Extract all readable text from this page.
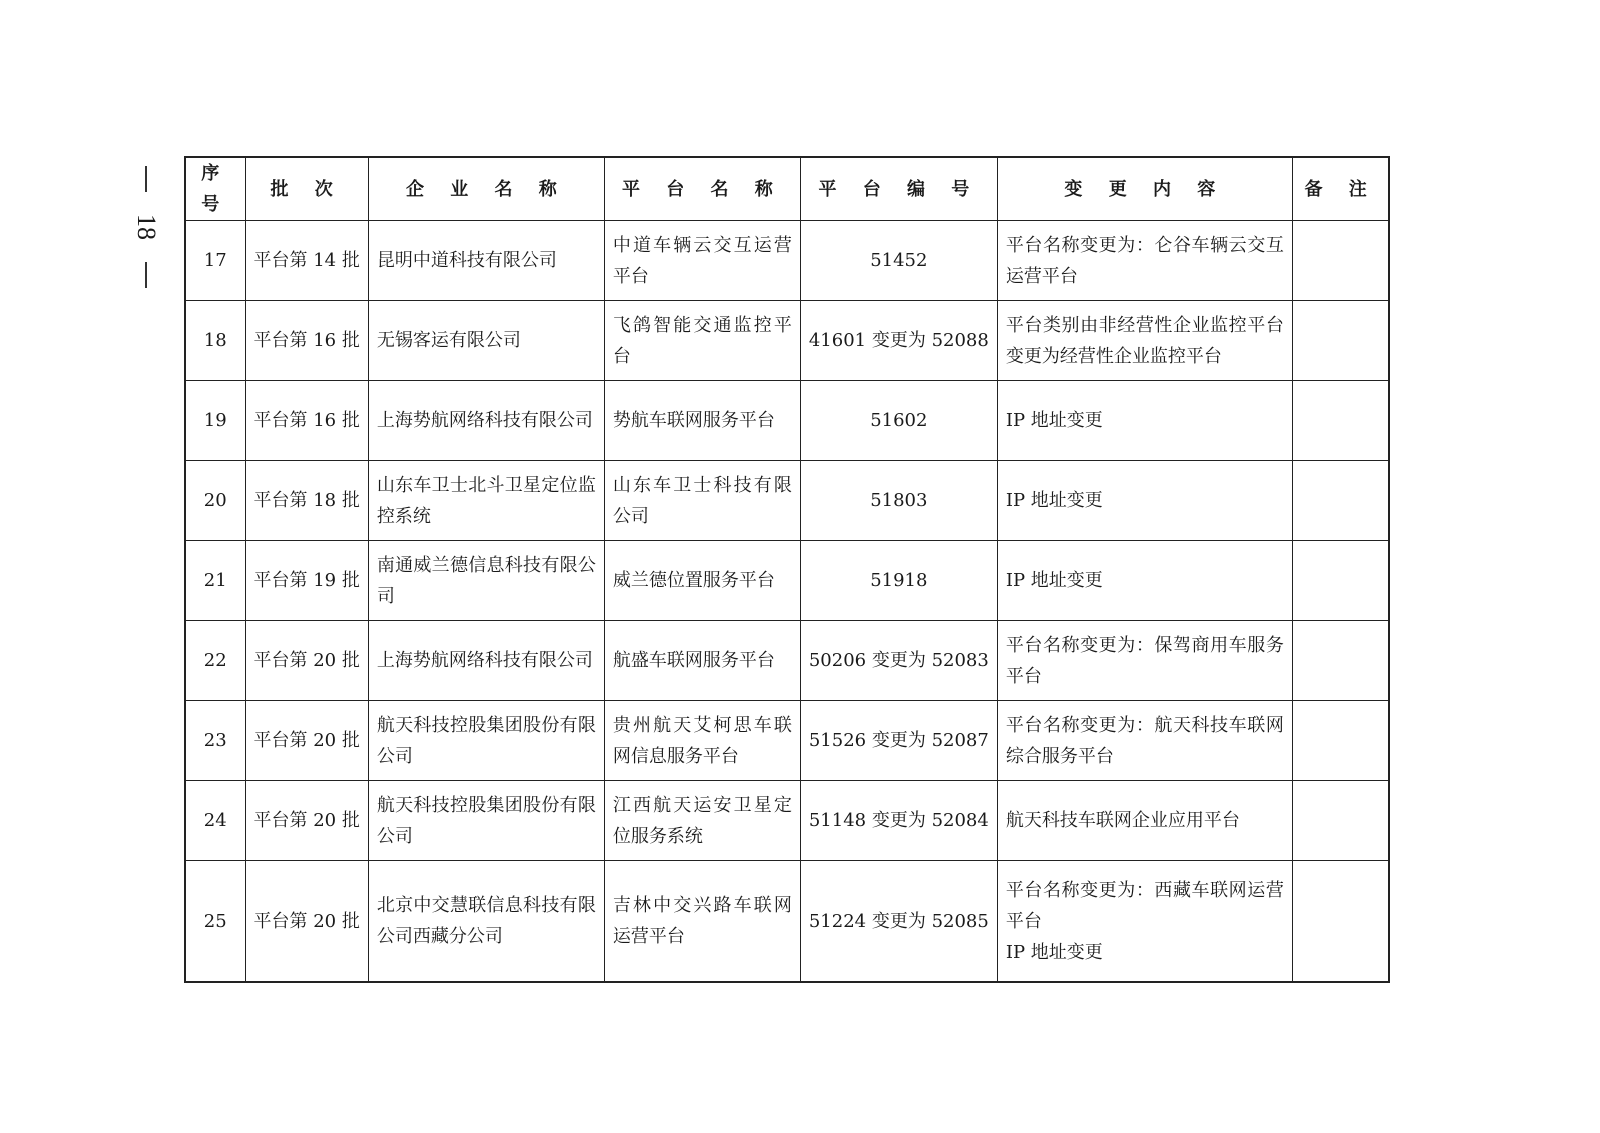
18
序号	批 次	企 业 名 称	平 台 名 称	平 台 编 号	变 更 内 容	备 注
17	平台第 14 批	昆明中道科技有限公司	中道车辆云交互运营平台	51452	平台名称变更为：仑谷车辆云交互运营平台	

18	平台第 16 批	无锡客运有限公司	飞鸽智能交通监控平台	41601 变更为 52088	平台类别由非经营性企业监控平台变更为经营性企业监控平台	

19	平台第 16 批	上海势航网络科技有限公司	势航车联网服务平台	51602	IP 地址变更	

20	平台第 18 批	山东车卫士北斗卫星定位监控系统	山东车卫士科技有限公司	51803	IP 地址变更	

21	平台第 19 批	南通威兰德信息科技有限公司	威兰德位置服务平台	51918	IP 地址变更	

22	平台第 20 批	上海势航网络科技有限公司	航盛车联网服务平台	50206 变更为 52083	平台名称变更为：保驾商用车服务平台	

23	平台第 20 批	航天科技控股集团股份有限公司	贵州航天艾柯思车联网信息服务平台	51526 变更为 52087	平台名称变更为：航天科技车联网综合服务平台	

24	平台第 20 批	航天科技控股集团股份有限公司	江西航天运安卫星定位服务系统	51148 变更为 52084	航天科技车联网企业应用平台	

25	平台第 20 批	北京中交慧联信息科技有限公司西藏分公司	吉林中交兴路车联网运营平台	51224 变更为 52085	平台名称变更为：西藏车联网运营平台
IP 地址变更	
